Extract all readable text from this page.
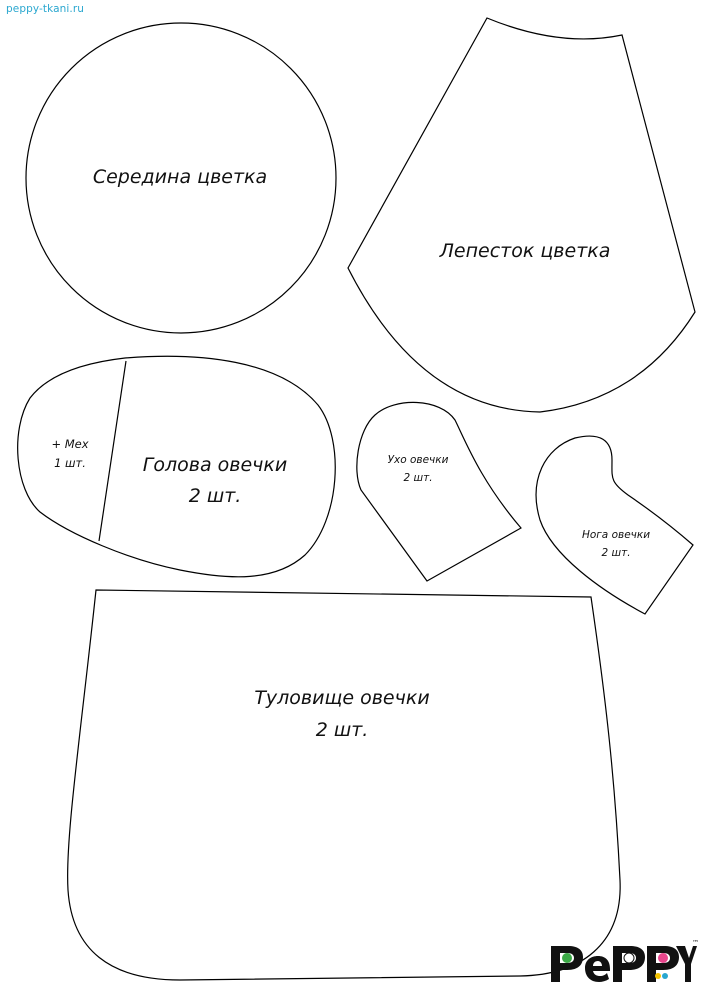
peppy-tkani.ru
Середина цветка
Лепесток цветка
+ Мех
1 шт.	Голова овечки
2 шт.
Ухо овечки
2 шт.
Нога овечки
2 шт.
Туловище овечки
2 шт.
™
